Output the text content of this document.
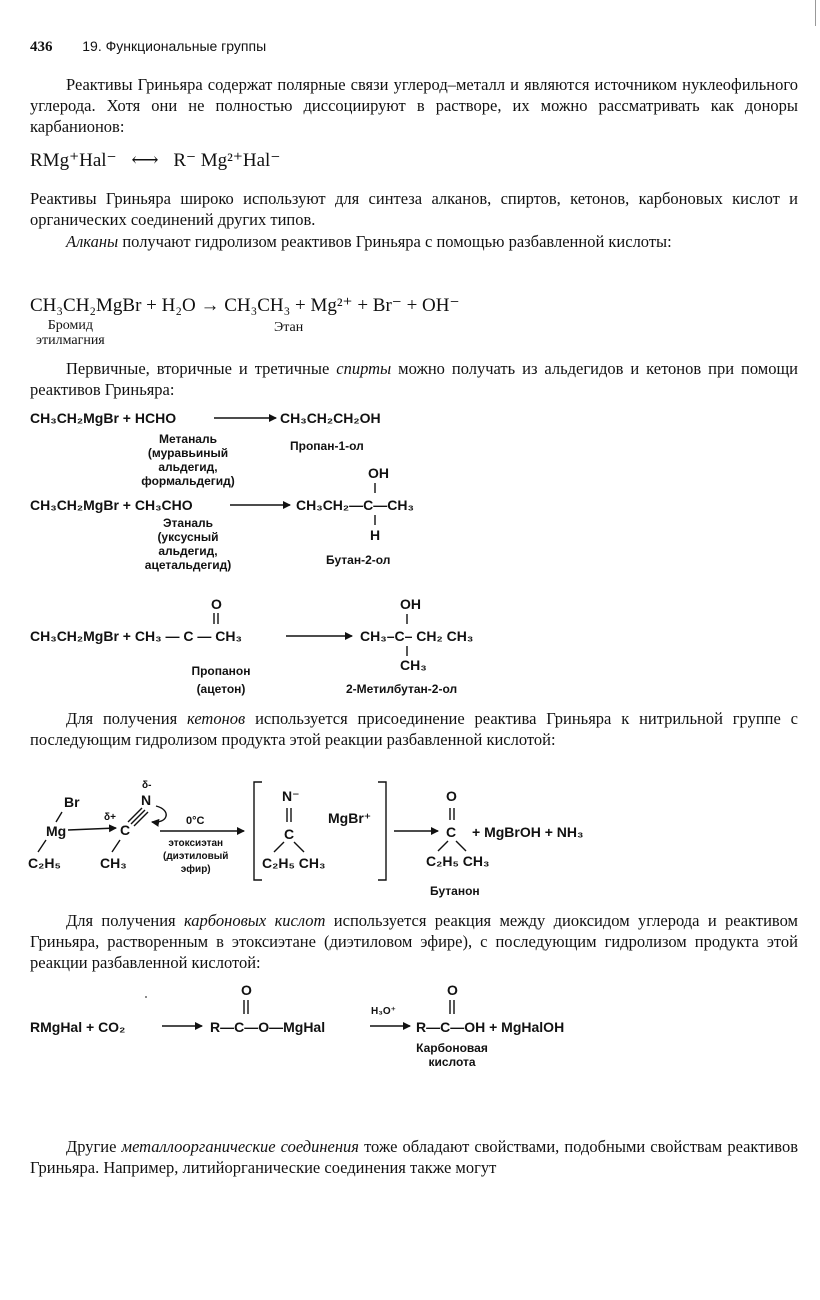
436 19. Функциональные группы

Реактивы Гриньяра содержат полярные связи углерод–металл и являются источником нуклеофильного углерода. Хотя они не полностью диссоциируют в растворе, их можно рассматривать как доноры карбанионов:

RMg⁺Hal⁻ ⟷ R⁻ Mg²⁺Hal⁻

Реактивы Гриньяра широко используют для синтеза алканов, спиртов, кетонов, карбоновых кислот и органических соединений других типов.

Алканы получают гидролизом реактивов Гриньяра с помощью разбавленной кислоты:

CH₃CH₂MgBr + H₂O → CH₃CH₃ + Mg²⁺ + Br⁻ + OH⁻
Бромид
этилмагния
Этан

Первичные, вторичные и третичные спирты можно получать из альдегидов и кетонов при помощи реактивов Гриньяра:

CH₃CH₂MgBr + HCHO	CH₃CH₂CH₂OH
Метаналь
(муравьиный
альдегид,
формальдегид)
Пропан-1-ол
OH
CH₃CH₂MgBr + CH₃CHO	CH₃CH₂—C—CH₃
H
Этаналь
(уксусный
альдегид,
ацетальдегид)	Бутан-2-ол
O	OH
CH₃CH₂MgBr + CH₃ — C — CH₃	CH₃–C– CH₂ CH₃
CH₃
Пропанон
(ацетон)	2-Метилбутан-2-ол

Для получения кетонов используется присоединение реактива Гриньяра к нитрильной группе с последующим гидролизом продукта этой реакции разбавленной кислотой:

Br
Mg
C₂H₅
δ-
N
δ+
C
CH₃
0°C
этоксиэтан
(диэтиловый
эфир)
N⁻
MgBr⁺
C
C₂H₅ CH₃
O
C + MgBrOH + NH₃
C₂H₅ CH₃
Бутанон

Для получения карбоновых кислот используется реакция между диоксидом углерода и реактивом Гриньяра, растворенным в этоксиэтане (диэтиловом эфире), с последующим гидролизом продукта этой реакции разбавленной кислотой:

O	O
RMgHal + CO₂	R—C—O—MgHal
H₃O⁺
R—C—OH + MgHalOH
Карбоновая
кислота

Другие металлоорганические соединения тоже обладают свойствами, подобными свойствам реактивов Гриньяра. Например, литийорганические соединения также могут
